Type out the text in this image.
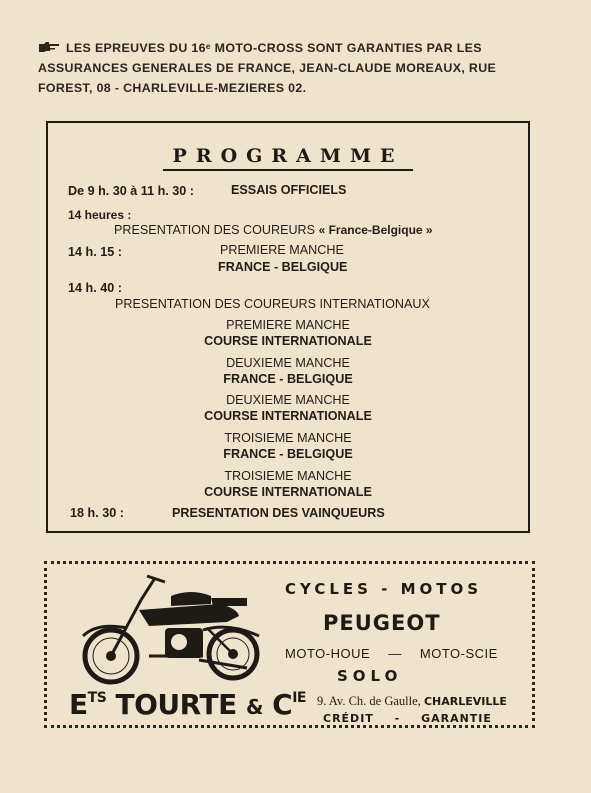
LES EPREUVES DU 16ᵉ MOTO-CROSS SONT GARANTIES PAR LES
ASSURANCES GENERALES DE FRANCE, JEAN-CLAUDE MOREAUX, RUE
FOREST, 08 - CHARLEVILLE-MEZIERES 02.
PROGRAMME
De 9 h. 30 à 11 h. 30 :	ESSAIS OFFICIELS
14 heures :
PRESENTATION DES COUREURS « France-Belgique »
14 h. 15 :	PREMIERE MANCHE
FRANCE - BELGIQUE
14 h. 40 :
PRESENTATION DES COUREURS INTERNATIONAUX
PREMIERE MANCHE
COURSE INTERNATIONALE
DEUXIEME MANCHE
FRANCE - BELGIQUE
DEUXIEME MANCHE
COURSE INTERNATIONALE
TROISIEME MANCHE
FRANCE - BELGIQUE
TROISIEME MANCHE
COURSE INTERNATIONALE
18 h. 30 :	PRESENTATION DES VAINQUEURS
CYCLES - MOTOS
PEUGEOT
MOTO-HOUE — MOTO-SCIE
SOLO
$E^{TS}$ TOURTE & $C^{IE}$ 9. Av. Ch. de Gaulle, CHARLEVILLE
CRÉDIT - GARANTIE
